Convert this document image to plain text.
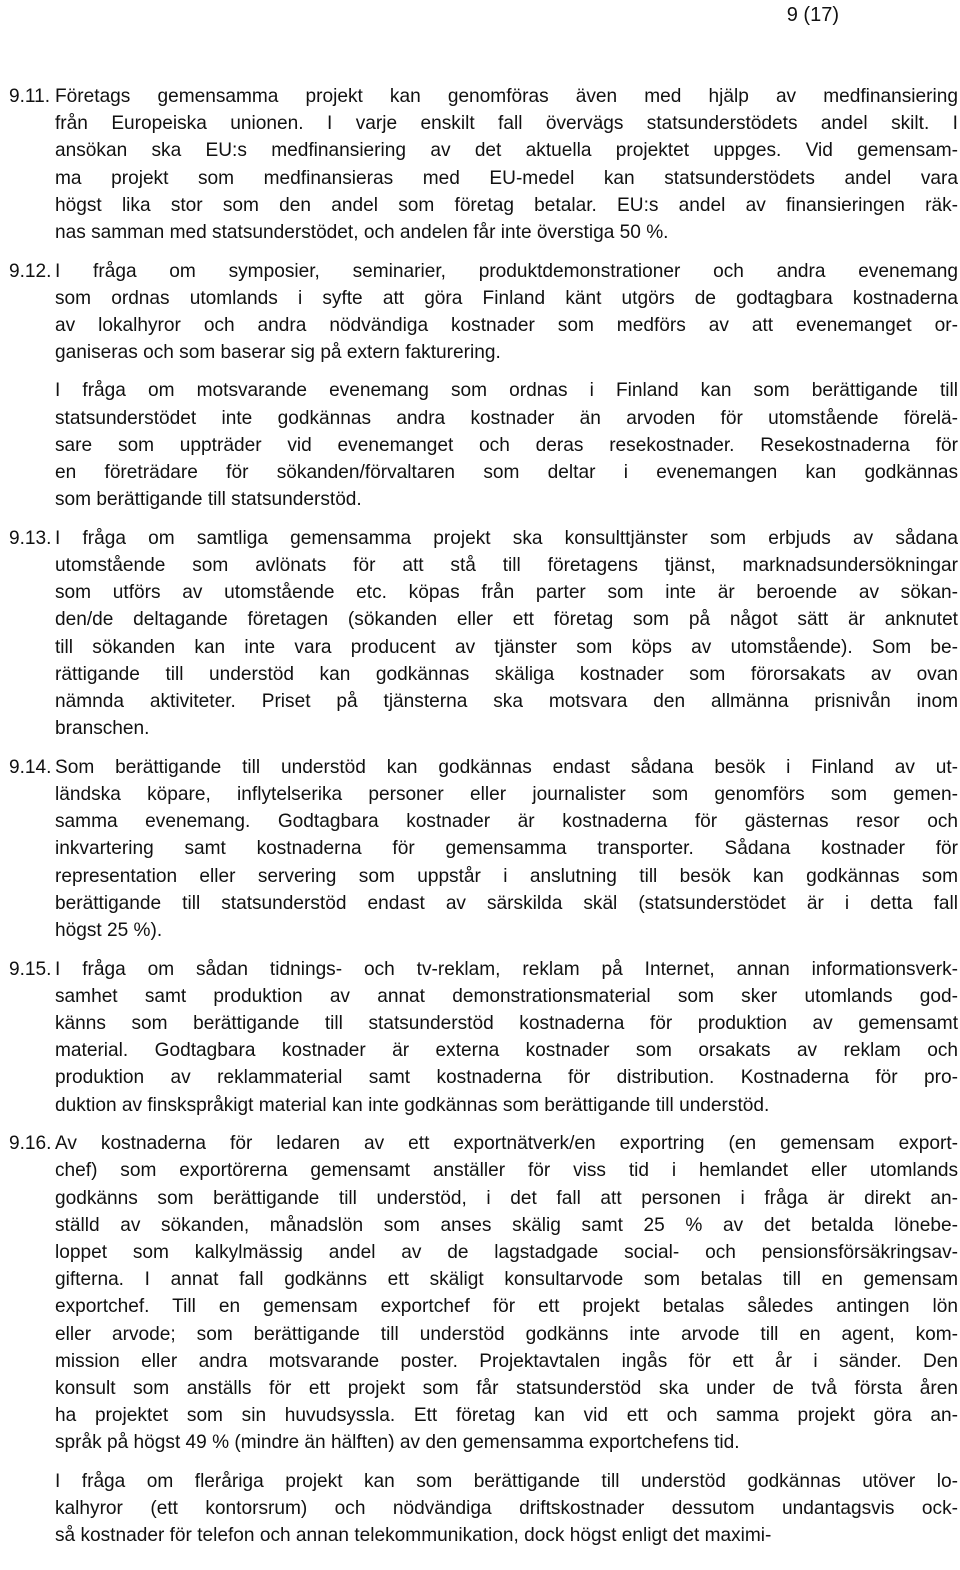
9 (17)
9.11. Företags gemensamma projekt kan genomföras även med hjälp av medfinansiering
från Europeiska unionen. I varje enskilt fall övervägs statsunderstödets andel skilt. I
ansökan ska EU:s medfinansiering av det aktuella projektet uppges. Vid gemensam-
ma projekt som medfinansieras med EU-medel kan statsunderstödets andel vara
högst lika stor som den andel som företag betalar. EU:s andel av finansieringen räk-
nas samman med statsunderstödet, och andelen får inte överstiga 50 %.
9.12. I fråga om symposier, seminarier, produktdemonstrationer och andra evenemang
som ordnas utomlands i syfte att göra Finland känt utgörs de godtagbara kostnaderna
av lokalhyror och andra nödvändiga kostnader som medförs av att evenemanget or-
ganiseras och som baserar sig på extern fakturering.
I fråga om motsvarande evenemang som ordnas i Finland kan som berättigande till
statsunderstödet inte godkännas andra kostnader än arvoden för utomstående förelä-
sare som uppträder vid evenemanget och deras resekostnader. Resekostnaderna för
en företrädare för sökanden/förvaltaren som deltar i evenemangen kan godkännas
som berättigande till statsunderstöd.
9.13. I fråga om samtliga gemensamma projekt ska konsulttjänster som erbjuds av sådana
utomstående som avlönats för att stå till företagens tjänst, marknadsundersökningar
som utförs av utomstående etc. köpas från parter som inte är beroende av sökan-
den/de deltagande företagen (sökanden eller ett företag som på något sätt är anknutet
till sökanden kan inte vara producent av tjänster som köps av utomstående). Som be-
rättigande till understöd kan godkännas skäliga kostnader som förorsakats av ovan
nämnda aktiviteter. Priset på tjänsterna ska motsvara den allmänna prisnivån inom
branschen.
9.14. Som berättigande till understöd kan godkännas endast sådana besök i Finland av ut-
ländska köpare, inflytelserika personer eller journalister som genomförs som gemen-
samma evenemang. Godtagbara kostnader är kostnaderna för gästernas resor och
inkvartering samt kostnaderna för gemensamma transporter. Sådana kostnader för
representation eller servering som uppstår i anslutning till besök kan godkännas som
berättigande till statsunderstöd endast av särskilda skäl (statsunderstödet är i detta fall
högst 25 %).
9.15. I fråga om sådan tidnings- och tv-reklam, reklam på Internet, annan informationsverk-
samhet samt produktion av annat demonstrationsmaterial som sker utomlands god-
känns som berättigande till statsunderstöd kostnaderna för produktion av gemensamt
material. Godtagbara kostnader är externa kostnader som orsakats av reklam och
produktion av reklammaterial samt kostnaderna för distribution. Kostnaderna för pro-
duktion av finskspråkigt material kan inte godkännas som berättigande till understöd.
9.16. Av kostnaderna för ledaren av ett exportnätverk/en exportring (en gemensam export-
chef) som exportörerna gemensamt anställer för viss tid i hemlandet eller utomlands
godkänns som berättigande till understöd, i det fall att personen i fråga är direkt an-
ställd av sökanden, månadslön som anses skälig samt 25 % av det betalda lönebe-
loppet som kalkylmässig andel av de lagstadgade social- och pensionsförsäkringsav-
gifterna. I annat fall godkänns ett skäligt konsultarvode som betalas till en gemensam
exportchef. Till en gemensam exportchef för ett projekt betalas således antingen lön
eller arvode; som berättigande till understöd godkänns inte arvode till en agent, kom-
mission eller andra motsvarande poster. Projektavtalen ingås för ett år i sänder. Den
konsult som anställs för ett projekt som får statsunderstöd ska under de två första åren
ha projektet som sin huvudsyssla. Ett företag kan vid ett och samma projekt göra an-
språk på högst 49 % (mindre än hälften) av den gemensamma exportchefens tid.
I fråga om fleråriga projekt kan som berättigande till understöd godkännas utöver lo-
kalhyror (ett kontorsrum) och nödvändiga driftskostnader dessutom undantagsvis ock-
så kostnader för telefon och annan telekommunikation, dock högst enligt det maximi-
